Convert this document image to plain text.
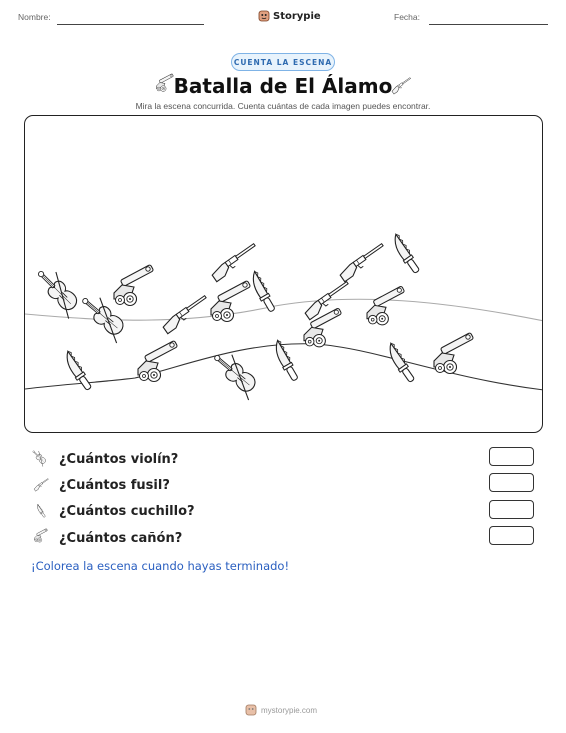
Nombre:	Storypie	Fecha:
CUENTA LA ESCENA
Batalla de El Álamo
Mira la escena concurrida. Cuenta cuántas de cada imagen puedes encontrar.
¿Cuántos violín?
¿Cuántos fusil?
¿Cuántos cuchillo?
¿Cuántos cañón?
¡Colorea la escena cuando hayas terminado!
mystorypie.com
